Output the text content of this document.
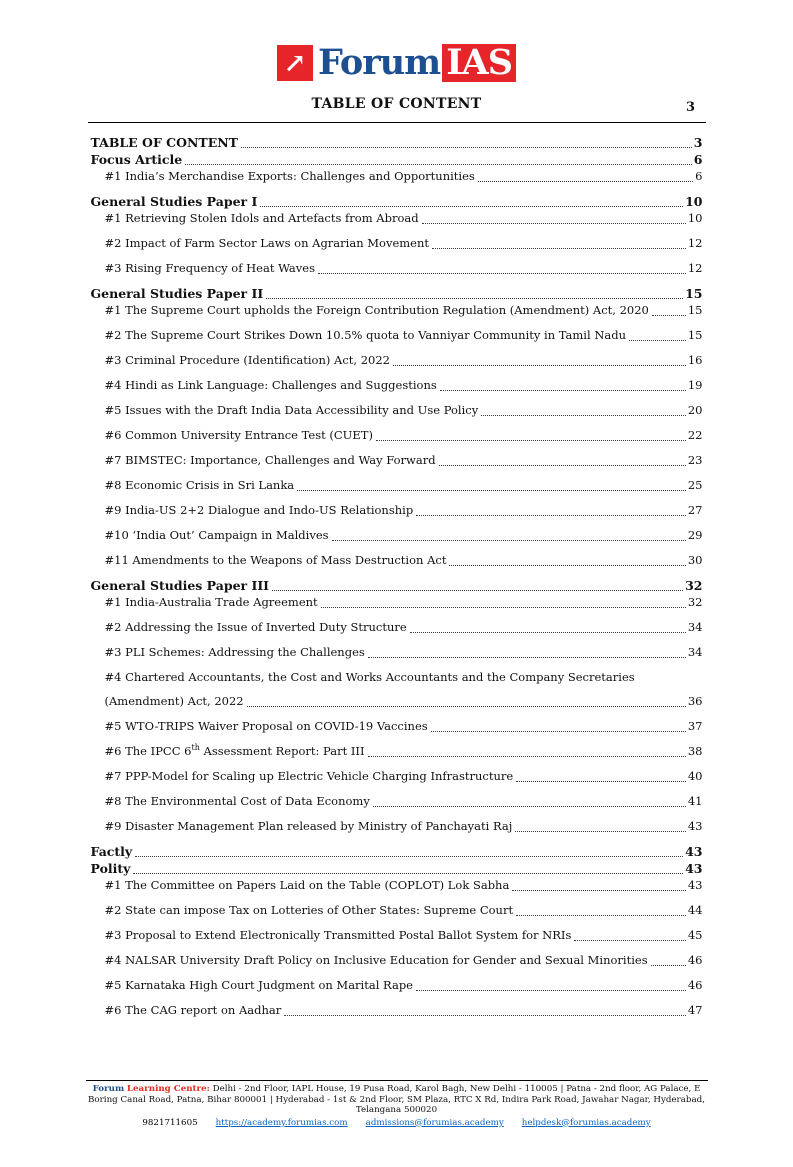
3
↗ Forum IAS
TABLE OF CONTENT
TABLE OF CONTENT	3
Focus Article	6
#1 India’s Merchandise Exports: Challenges and Opportunities	6
General Studies Paper I	10
#1 Retrieving Stolen Idols and Artefacts from Abroad	10
#2 Impact of Farm Sector Laws on Agrarian Movement	12
#3 Rising Frequency of Heat Waves	12
General Studies Paper II	15
#1 The Supreme Court upholds the Foreign Contribution Regulation (Amendment) Act, 2020	15
#2 The Supreme Court Strikes Down 10.5% quota to Vanniyar Community in Tamil Nadu	15
#3 Criminal Procedure (Identification) Act, 2022	16
#4 Hindi as Link Language: Challenges and Suggestions	19
#5 Issues with the Draft India Data Accessibility and Use Policy	20
#6 Common University Entrance Test (CUET)	22
#7 BIMSTEC: Importance, Challenges and Way Forward	23
#8 Economic Crisis in Sri Lanka	25
#9 India-US 2+2 Dialogue and Indo-US Relationship	27
#10 ‘India Out’ Campaign in Maldives	29
#11 Amendments to the Weapons of Mass Destruction Act	30
General Studies Paper III	32
#1 India-Australia Trade Agreement	32
#2 Addressing the Issue of Inverted Duty Structure	34
#3 PLI Schemes: Addressing the Challenges	34
#4 Chartered Accountants, the Cost and Works Accountants and the Company Secretaries
(Amendment) Act, 2022	36
#5 WTO-TRIPS Waiver Proposal on COVID-19 Vaccines	37
#6 The IPCC 6th Assessment Report: Part III	38
#7 PPP-Model for Scaling up Electric Vehicle Charging Infrastructure	40
#8 The Environmental Cost of Data Economy	41
#9 Disaster Management Plan released by Ministry of Panchayati Raj	43
Factly	43
Polity	43
#1 The Committee on Papers Laid on the Table (COPLOT) Lok Sabha	43
#2 State can impose Tax on Lotteries of Other States: Supreme Court	44
#3 Proposal to Extend Electronically Transmitted Postal Ballot System for NRIs	45
#4 NALSAR University Draft Policy on Inclusive Education for Gender and Sexual Minorities	46
#5 Karnataka High Court Judgment on Marital Rape	46
#6 The CAG report on Aadhar	47

Forum Learning Centre: Delhi - 2nd Floor, IAPL House, 19 Pusa Road, Karol Bagh, New Delhi - 110005 | Patna - 2nd floor, AG Palace, E Boring Canal Road, Patna, Bihar 800001 | Hyderabad - 1st & 2nd Floor, SM Plaza, RTC X Rd, Indira Park Road, Jawahar Nagar, Hyderabad, Telangana 500020

9821711605 https://academy.forumias.com admissions@forumias.academy helpdesk@forumias.academy
